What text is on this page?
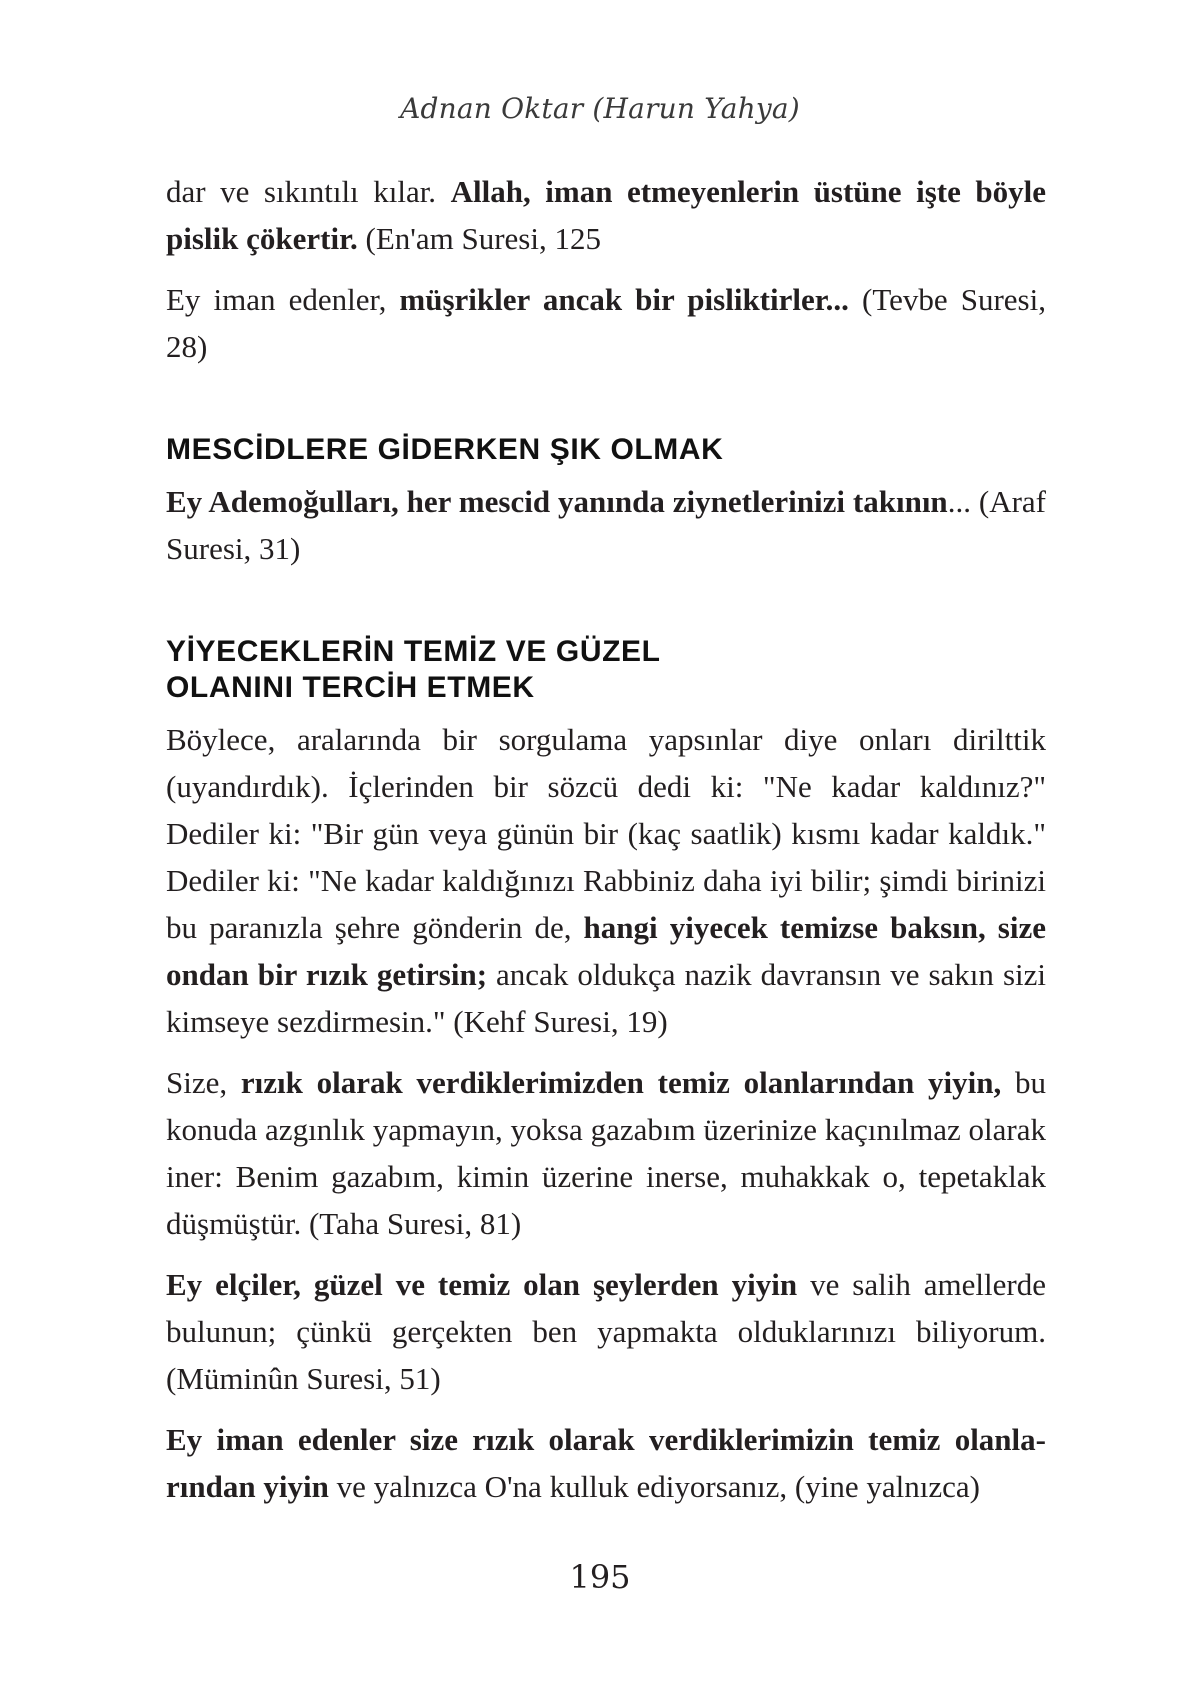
Adnan Oktar (Harun Yahya)

dar ve sıkıntılı kılar. Allah, iman etmeyenlerin üstüne işte böyle pislik çökertir. (En'am Suresi, 125

Ey iman edenler, müşrikler ancak bir pisliktirler... (Tevbe Suresi, 28)

MESCİDLERE GİDERKEN ŞIK OLMAK

Ey Ademoğulları, her mescid yanında ziynetlerinizi takının... (Araf Suresi, 31)

YİYECEKLERİN TEMİZ VE GÜZEL
OLANINI TERCİH ETMEK

Böylece, aralarında bir sorgulama yapsınlar diye onları dirilttik (uyandırdık). İçlerinden bir sözcü dedi ki: "Ne kadar kaldınız?" Dediler ki: "Bir gün veya günün bir (kaç saatlik) kısmı kadar kaldık." Dediler ki: "Ne kadar kaldığınızı Rabbiniz daha iyi bilir; şimdi birinizi bu paranızla şehre gönderin de, hangi yiyecek temizse baksın, size ondan bir rızık getirsin; ancak oldukça nazik davransın ve sakın sizi kimseye sezdirmesin." (Kehf Suresi, 19)

Size, rızık olarak verdiklerimizden temiz olanlarından yiyin, bu konuda azgınlık yapmayın, yoksa gazabım üzerinize kaçınılmaz olarak iner: Benim gazabım, kimin üzerine inerse, muhakkak o, tepetaklak düşmüştür. (Taha Suresi, 81)

Ey elçiler, güzel ve temiz olan şeylerden yiyin ve salih amellerde bulunun; çünkü gerçekten ben yapmakta olduklarınızı biliyorum. (Müminûn Suresi, 51)

Ey iman edenler size rızık olarak verdiklerimizin temiz olanlarından yiyin ve yalnızca O'na kulluk ediyorsanız, (yine yalnızca)

195
